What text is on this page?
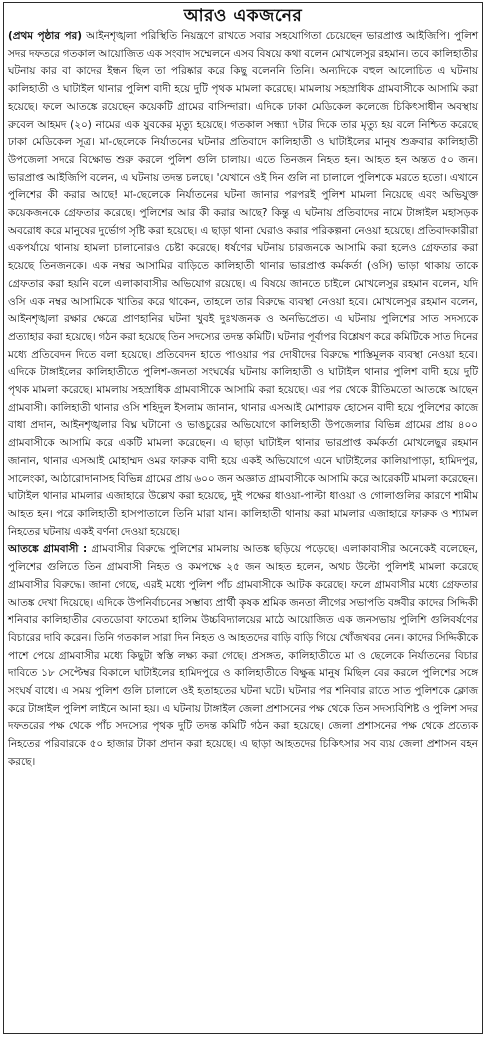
আরও একজনের

(প্রথম পৃষ্ঠার পর) আইনশৃঙ্খলা পরিস্থিতি নিয়ন্ত্রণে রাখতে সবার সহযোগিতা চেয়েছেন ভারপ্রাপ্ত আইজিপি। পুলিশ সদর দফতরে গতকাল আয়োজিত এক সংবাদ সম্মেলনে এসব বিষয়ে কথা বলেন মোখলেসুর রহমান। তবে কালিহাতীর ঘটনায় কার বা কাদের ইন্ধন ছিল তা পরিষ্কার করে কিছু বলেননি তিনি। অন্যদিকে বহুল আলোচিত এ ঘটনায় কালিহাতী ও ঘাটাইল থানার পুলিশ বাদী হয়ে দুটি পৃথক মামলা করেছে। মামলায় সহস্রাধিক গ্রামবাসীকে আসামি করা হয়েছে। ফলে আতঙ্কে রয়েছেন কয়েকটি গ্রামের বাসিন্দারা। এদিকে ঢাকা মেডিকেল কলেজে চিকিৎসাধীন অবস্থায় রুবেল আহমদ (২০) নামের এক যুবকের মৃত্যু হয়েছে। গতকাল সন্ধ্যা ৭টার দিকে তার মৃত্যু হয় বলে নিশ্চিত করেছে ঢাকা মেডিকেল সূত্র। মা-ছেলেকে নির্যাতনের ঘটনার প্রতিবাদে কালিহাতী ও ঘাটাইলের মানুষ শুক্রবার কালিহাতী উপজেলা সদরে বিক্ষোভ শুরু করলে পুলিশ গুলি চালায়। এতে তিনজন নিহত হন। আহত হন অন্তত ৫০ জন। ভারপ্রাপ্ত আইজিপি বলেন, এ ঘটনায় তদন্ত চলছে। 'যেখানে ওই দিন গুলি না চালালে পুলিশকে মরতে হতো। এখানে পুলিশের কী করার আছে! মা-ছেলেকে নির্যাতনের ঘটনা জানার পরপরই পুলিশ মামলা নিয়েছে এবং অভিযুক্ত কয়েকজনকে গ্রেফতার করেছে। পুলিশের আর কী করার আছে? কিন্তু এ ঘটনায় প্রতিবাদের নামে টাঙ্গাইল মহাসড়ক অবরোধ করে মানুষের দুর্ভোগ সৃষ্টি করা হয়েছে। এ ছাড়া থানা ঘেরাও করার পরিকল্পনা নেওয়া হয়েছে। প্রতিবাদকারীরা একপর্যায়ে থানায় হামলা চালানোরও চেষ্টা করেছে। ধর্ষণের ঘটনায় চারজনকে আসামি করা হলেও গ্রেফতার করা হয়েছে তিনজনকে। এক নম্বর আসামির বাড়িতে কালিহাতী থানার ভারপ্রাপ্ত কর্মকর্তা (ওসি) ভাড়া থাকায় তাকে গ্রেফতার করা হয়নি বলে এলাকাবাসীর অভিযোগ রয়েছে। এ বিষয়ে জানতে চাইলে মোখলেসুর রহমান বলেন, যদি ওসি এক নম্বর আসামিকে খাতির করে থাকেন, তাহলে তার বিরুদ্ধে ব্যবস্থা নেওয়া হবে। মোখলেসুর রহমান বলেন, আইনশৃঙ্খলা রক্ষার ক্ষেত্রে প্রাণহানির ঘটনা খুবই দুঃখজনক ও অনভিপ্রেত। এ ঘটনায় পুলিশের সাত সদস্যকে প্রত্যাহার করা হয়েছে। গঠন করা হয়েছে তিন সদস্যের তদন্ত কমিটি। ঘটনার পূর্বাপর বিশ্লেষণ করে কমিটিকে সাত দিনের মধ্যে প্রতিবেদন দিতে বলা হয়েছে। প্রতিবেদন হাতে পাওয়ার পর দোষীদের বিরুদ্ধে শাস্তিমূলক ব্যবস্থা নেওয়া হবে। এদিকে টাঙ্গাইলের কালিহাতীতে পুলিশ-জনতা সংঘর্ষের ঘটনায় কালিহাতী ও ঘাটাইল থানার পুলিশ বাদী হয়ে দুটি পৃথক মামলা করেছে। মামলায় সহস্রাধিক গ্রামবাসীকে আসামি করা হয়েছে। এর পর থেকে রীতিমতো আতঙ্কে আছেন গ্রামবাসী। কালিহাতী থানার ওসি শহিদুল ইসলাম জানান, থানার এসআই মোশারফ হোসেন বাদী হয়ে পুলিশের কাজে বাধা প্রদান, আইনশৃঙ্খলার বিঘ্ন ঘটানো ও ভাঙচুরের অভিযোগে কালিহাতী উপজেলার বিভিন্ন গ্রামের প্রায় ৪০০ গ্রামবাসীকে আসামি করে একটি মামলা করেছেন। এ ছাড়া ঘাটাইল থানার ভারপ্রাপ্ত কর্মকর্তা মোখলেছুর রহমান জানান, থানার এসআই মোহাম্মদ ওমর ফারুক বাদী হয়ে একই অভিযোগে এনে ঘাটাইলের কালিয়াপাড়া, হামিদপুর, সালেংকা, আঠারোদানাসহ বিভিন্ন গ্রামের প্রায় ৬০০ জন অজ্ঞাত গ্রামবাসীকে আসামি করে আরেকটি মামলা করেছেন। ঘাটাইল থানার মামলার এজাহারে উল্লেখ করা হয়েছে, দুই পক্ষের ধাওয়া-পাল্টা ধাওয়া ও গোলাগুলির কারণে শামীম আহত হন। পরে কালিহাতী হাসপাতালে তিনি মারা যান। কালিহাতী থানায় করা মামলার এজাহারে ফারুক ও শ্যামল নিহতের ঘটনায় একই বর্ণনা দেওয়া হয়েছে।

আতঙ্কে গ্রামবাসী : গ্রামবাসীর বিরুদ্ধে পুলিশের মামলায় আতঙ্ক ছড়িয়ে পড়েছে। এলাকাবাসীর অনেকেই বলেছেন, পুলিশের গুলিতে তিন গ্রামবাসী নিহত ও কমপক্ষে ২৫ জন আহত হলেন, অথচ উল্টো পুলিশই মামলা করেছে গ্রামবাসীর বিরুদ্ধে। জানা গেছে, এরই মধ্যে পুলিশ পাঁচ গ্রামবাসীকে আটক করেছে। ফলে গ্রামবাসীর মধ্যে গ্রেফতার আতঙ্ক দেখা দিয়েছে। এদিকে উপনির্বাচনের সম্ভাব্য প্রার্থী কৃষক শ্রমিক জনতা লীগের সভাপতি বঙ্গবীর কাদের সিদ্দিকী শনিবার কালিহাতীর বেতডোবা ফাতেমা হালিম উচ্চবিদ্যালয়ের মাঠে আয়োজিত এক জনসভায় পুলিশি গুলিবর্ষণের বিচারের দাবি করেন। তিনি গতকাল সারা দিন নিহত ও আহতদের বাড়ি বাড়ি গিয়ে খোঁজখবর নেন। কাদের সিদ্দিকীকে পাশে পেয়ে গ্রামবাসীর মধ্যে কিছুটা স্বস্তি লক্ষ্য করা গেছে। প্রসঙ্গত, কালিহাতীতে মা ও ছেলেকে নির্যাতনের বিচার দাবিতে ১৮ সেপ্টেম্বর বিকালে ঘাটাইলের হামিদপুরে ও কালিহাতীতে বিক্ষুব্ধ মানুষ মিছিল বের করলে পুলিশের সঙ্গে সংঘর্ষ বাধে। এ সময় পুলিশ গুলি চালালে ওই হতাহতের ঘটনা ঘটে। ঘটনার পর শনিবার রাতে সাত পুলিশকে ক্লোজ করে টাঙ্গাইল পুলিশ লাইনে আনা হয়। এ ঘটনায় টাঙ্গাইল জেলা প্রশাসনের পক্ষ থেকে তিন সদস্যবিশিষ্ট ও পুলিশ সদর দফতরের পক্ষ থেকে পাঁচ সদস্যের পৃথক দুটি তদন্ত কমিটি গঠন করা হয়েছে। জেলা প্রশাসনের পক্ষ থেকে প্রত্যেক নিহতের পরিবারকে ৫০ হাজার টাকা প্রদান করা হয়েছে। এ ছাড়া আহতদের চিকিৎসার সব ব্যয় জেলা প্রশাসন বহন করছে।
